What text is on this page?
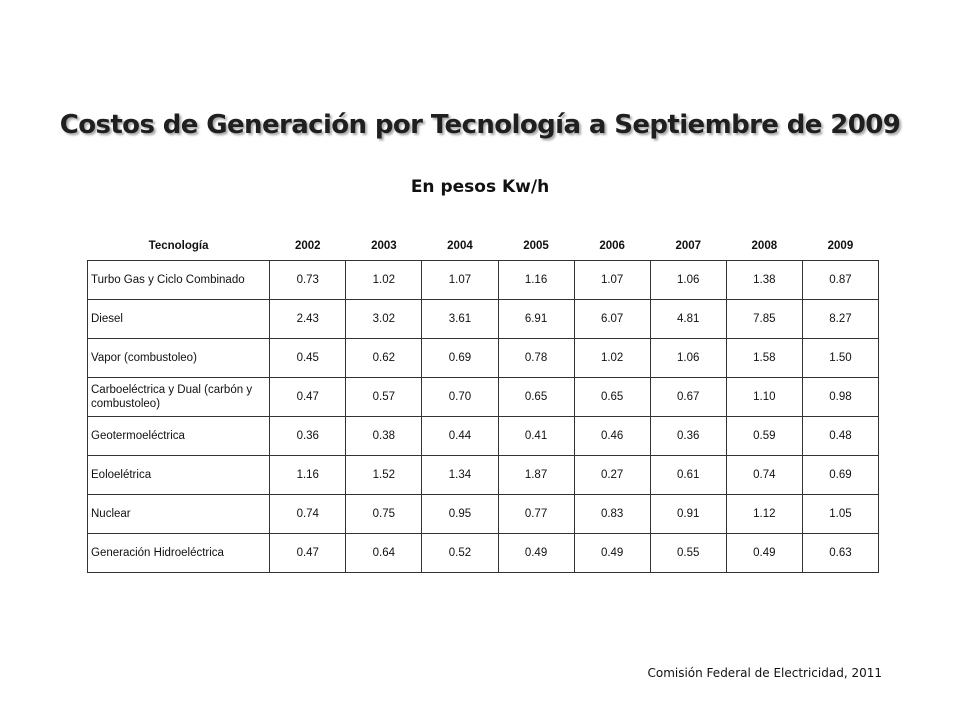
Costos de Generación por Tecnología a Septiembre de 2009
En pesos Kw/h
Tecnología	2002	2003	2004	2005	2006	2007	2008	2009
Turbo Gas y Ciclo Combinado	0.73	1.02	1.07	1.16	1.07	1.06	1.38	0.87
Diesel	2.43	3.02	3.61	6.91	6.07	4.81	7.85	8.27
Vapor (combustoleo)	0.45	0.62	0.69	0.78	1.02	1.06	1.58	1.50
Carboeléctrica y Dual (carbón y combustoleo)	0.47	0.57	0.70	0.65	0.65	0.67	1.10	0.98
Geotermoeléctrica	0.36	0.38	0.44	0.41	0.46	0.36	0.59	0.48
Eoloelétrica	1.16	1.52	1.34	1.87	0.27	0.61	0.74	0.69
Nuclear	0.74	0.75	0.95	0.77	0.83	0.91	1.12	1.05
Generación Hidroeléctrica	0.47	0.64	0.52	0.49	0.49	0.55	0.49	0.63
Comisión Federal de Electricidad, 2011
